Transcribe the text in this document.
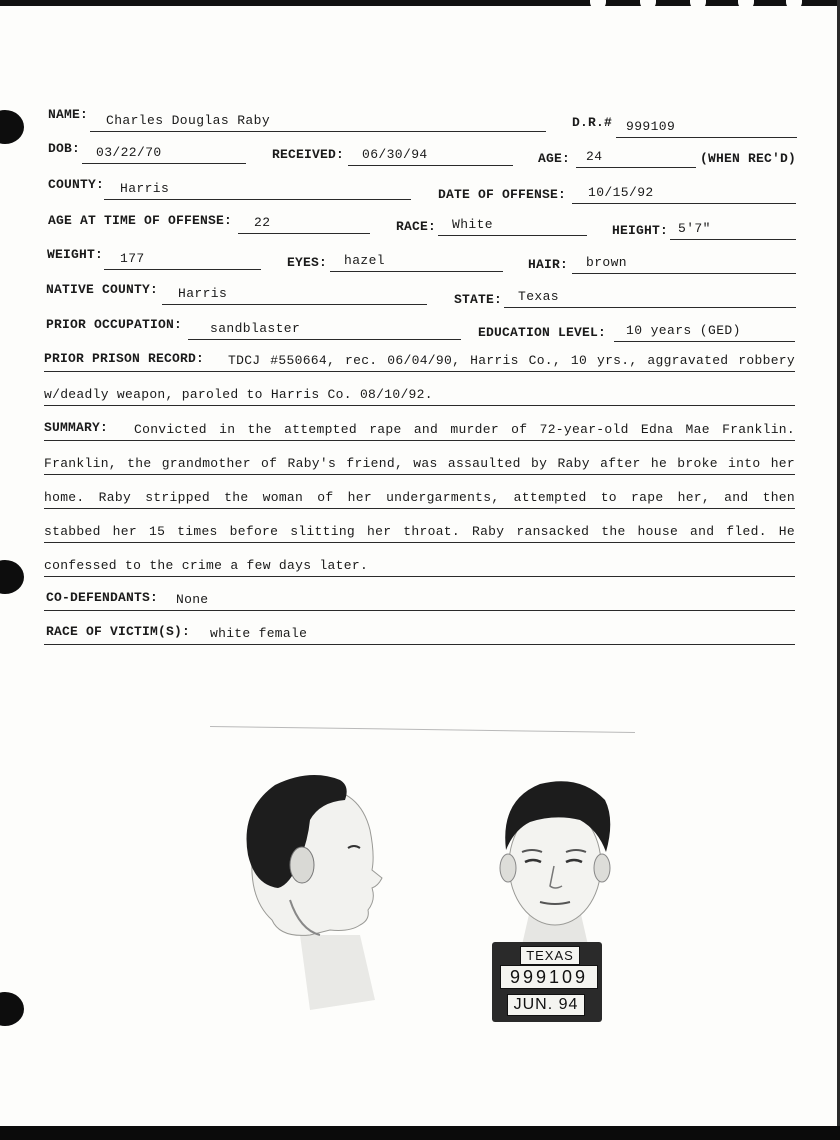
NAME: Charles Douglas Raby	D.R.# 999109
DOB: 03/22/70	RECEIVED: 06/30/94	AGE: 24	(WHEN REC'D)
COUNTY: Harris	DATE OF OFFENSE: 10/15/92
AGE AT TIME OF OFFENSE: 22	RACE: White	HEIGHT: 5'7"
WEIGHT: 177	EYES: hazel	HAIR: brown
NATIVE COUNTY: Harris	STATE: Texas
PRIOR OCCUPATION: sandblaster	EDUCATION LEVEL: 10 years (GED)
PRIOR PRISON RECORD: TDCJ #550664, rec. 06/04/90, Harris Co., 10 yrs., aggravated robbery
w/deadly weapon, paroled to Harris Co. 08/10/92.
SUMMARY: Convicted in the attempted rape and murder of 72-year-old Edna Mae Franklin.
Franklin, the grandmother of Raby's friend, was assaulted by Raby after he broke into her
home. Raby stripped the woman of her undergarments, attempted to rape her, and then
stabbed her 15 times before slitting her throat. Raby ransacked the house and fled. He
confessed to the crime a few days later.
CO-DEFENDANTS: None
RACE OF VICTIM(S): white female
TEXAS
999109
JUN. 94
